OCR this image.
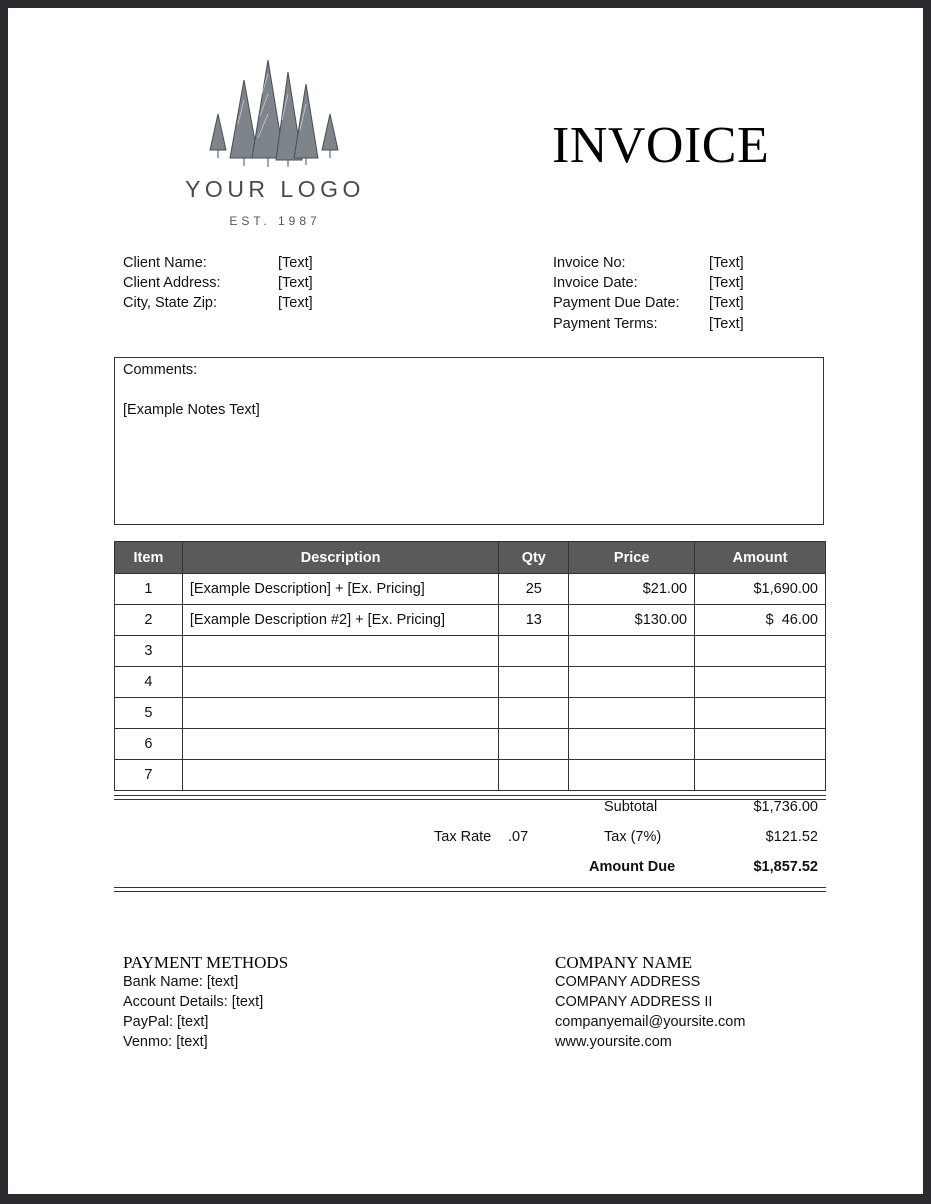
YOUR LOGO
EST. 1987
INVOICE
Client Name:	[Text]
Client Address:	[Text]
City, State Zip:	[Text]
Invoice No:	[Text]
Invoice Date:	[Text]
Payment Due Date: [Text]
Payment Terms:	[Text]
Comments:
[Example Notes Text]
Item	Description	Qty	Price	Amount
1	[Example Description] + [Ex. Pricing]	25	$21.00	$1,690.00
2	[Example Description #2] + [Ex. Pricing]	13	$130.00	$  46.00
3				
4				
5				
6				
7				
Subtotal	$1,736.00
Tax Rate .07	Tax (7%)	$121.52
Amount Due	$1,857.52
PAYMENT METHODS
Bank Name: [text]
Account Details: [text]
PayPal: [text]
Venmo: [text]
COMPANY NAME
COMPANY ADDRESS
COMPANY ADDRESS II
companyemail@yoursite.com
www.yoursite.com
